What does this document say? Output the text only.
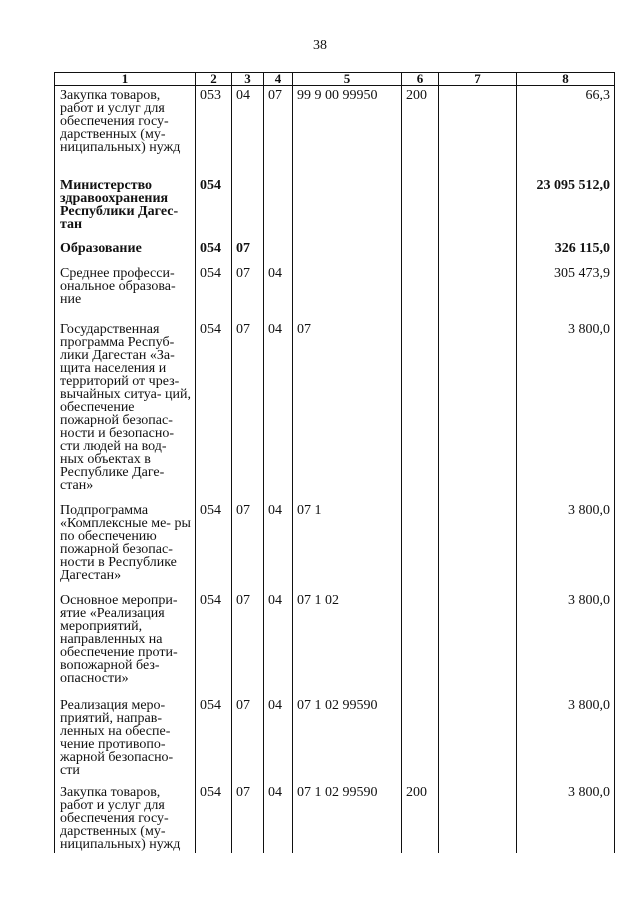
38
1	2	3	4	5	6	7	8
Закупка товаров, работ и услуг для обеспечения госу- дарственных (му- ниципальных) нужд	053	04	07	99 9 00 99950	200		66,3
Министерство здравоохранения Республики Дагес- тан	054						23 095 512,0
Образование	054	07					326 115,0
Среднее професси- ональное образова- ние	054	07	04				305 473,9
Государственная программа Респуб- лики Дагестан «За- щита населения и территорий от чрез- вычайных ситуа- ций, обеспечение пожарной безопас- ности и безопасно- сти людей на вод- ных объектах в Республике Даге- стан»	054	07	04	07			3 800,0
Подпрограмма «Комплексные ме- ры по обеспечению пожарной безопас- ности в Республике Дагестан»	054	07	04	07 1			3 800,0
Основное меропри- ятие «Реализация мероприятий, направленных на обеспечение проти- вопожарной без- опасности»	054	07	04	07 1 02			3 800,0
Реализация меро- приятий, направ- ленных на обеспе- чение противопо- жарной безопасно- сти	054	07	04	07 1 02 99590			3 800,0
Закупка товаров, работ и услуг для обеспечения госу- дарственных (му- ниципальных) нужд	054	07	04	07 1 02 99590	200		3 800,0
